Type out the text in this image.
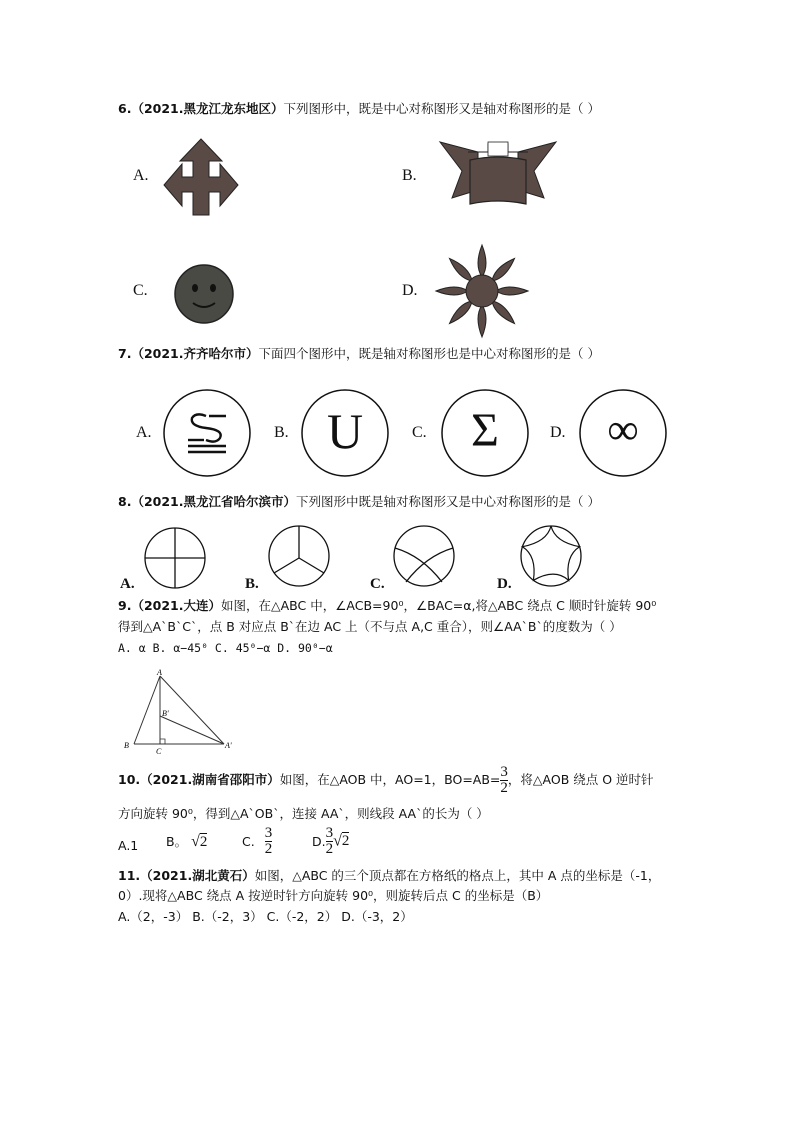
6.（2021.黑龙江龙东地区）下列图形中，既是中心对称图形又是轴对称图形的是（ ）
A.	B.
C.	D.
7.（2021.齐齐哈尔市）下面四个图形中，既是轴对称图形也是中心对称图形的是（ ）
A.	B.	C.	D.
U	Σ	∞
8.（2021.黑龙江省哈尔滨市）下列图形中既是轴对称图形又是中心对称图形的是（ ）
A.	B.	C.	D.
9.（2021.大连）如图，在△ABC 中，∠ACB=90⁰，∠BAC=α,将△ABC 绕点 C 顺时针旋转 90⁰
得到△A`B`C`，点 B 对应点 B`在边 AC 上（不与点 A,C 重合），则∠AA`B`的度数为（ ）
A. α B. α−45⁰ C. 45⁰−α D. 90⁰−α
A
B'
B
C
A'
10.（2021.湖南省邵阳市）如图，在△AOB 中，AO=1，$BO=AB= \frac{3}{2}$ ，将△AOB 绕点 O 逆时针
方向旋转 90⁰，得到△A`OB`，连接 AA`，则线段 AA`的长为（ ）
A.1 B。 √2	C. $\frac{3}{2}$	D. $\frac{3}{2} √2$
11.（2021.湖北黄石）如图，△ABC 的三个顶点都在方格纸的格点上，其中 A 点的坐标是（-1，
0）.现将△ABC 绕点 A 按逆时针方向旋转 90⁰，则旋转后点 C 的坐标是（B）
A.（2，-3） B.（-2，3） C.（-2，2） D.（-3，2）
